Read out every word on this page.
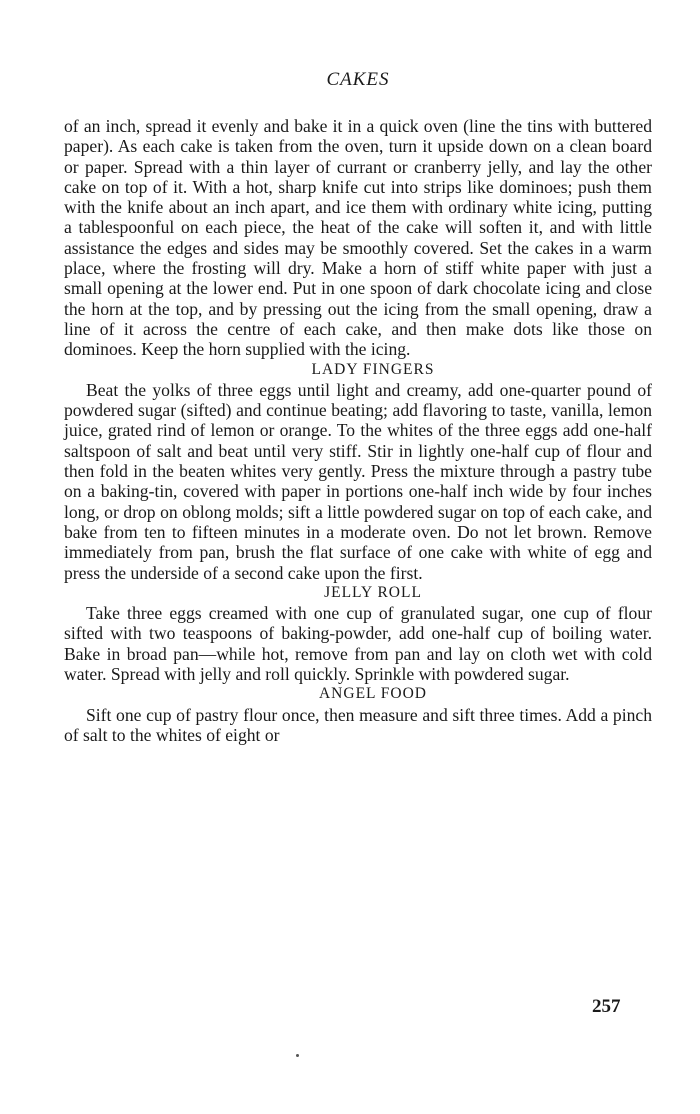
CAKES

of an inch, spread it evenly and bake it in a quick oven (line the tins with buttered paper). As each cake is taken from the oven, turn it upside down on a clean board or paper. Spread with a thin layer of currant or cranberry jelly, and lay the other cake on top of it. With a hot, sharp knife cut into strips like dominoes; push them with the knife about an inch apart, and ice them with ordinary white icing, putting a tablespoonful on each piece, the heat of the cake will soften it, and with little assistance the edges and sides may be smoothly covered. Set the cakes in a warm place, where the frosting will dry. Make a horn of stiff white paper with just a small opening at the lower end. Put in one spoon of dark chocolate icing and close the horn at the top, and by pressing out the icing from the small opening, draw a line of it across the centre of each cake, and then make dots like those on dominoes. Keep the horn supplied with the icing.

LADY FINGERS

Beat the yolks of three eggs until light and creamy, add one-quarter pound of powdered sugar (sifted) and continue beating; add flavoring to taste, vanilla, lemon juice, grated rind of lemon or orange. To the whites of the three eggs add one-half saltspoon of salt and beat until very stiff. Stir in lightly one-half cup of flour and then fold in the beaten whites very gently. Press the mixture through a pastry tube on a baking-tin, covered with paper in portions one-half inch wide by four inches long, or drop on oblong molds; sift a little powdered sugar on top of each cake, and bake from ten to fifteen minutes in a moderate oven. Do not let brown. Remove immediately from pan, brush the flat surface of one cake with white of egg and press the underside of a second cake upon the first.

JELLY ROLL

Take three eggs creamed with one cup of granulated sugar, one cup of flour sifted with two teaspoons of baking-powder, add one-half cup of boiling water. Bake in broad pan—while hot, remove from pan and lay on cloth wet with cold water. Spread with jelly and roll quickly. Sprinkle with powdered sugar.

ANGEL FOOD

Sift one cup of pastry flour once, then measure and sift three times. Add a pinch of salt to the whites of eight or

257
